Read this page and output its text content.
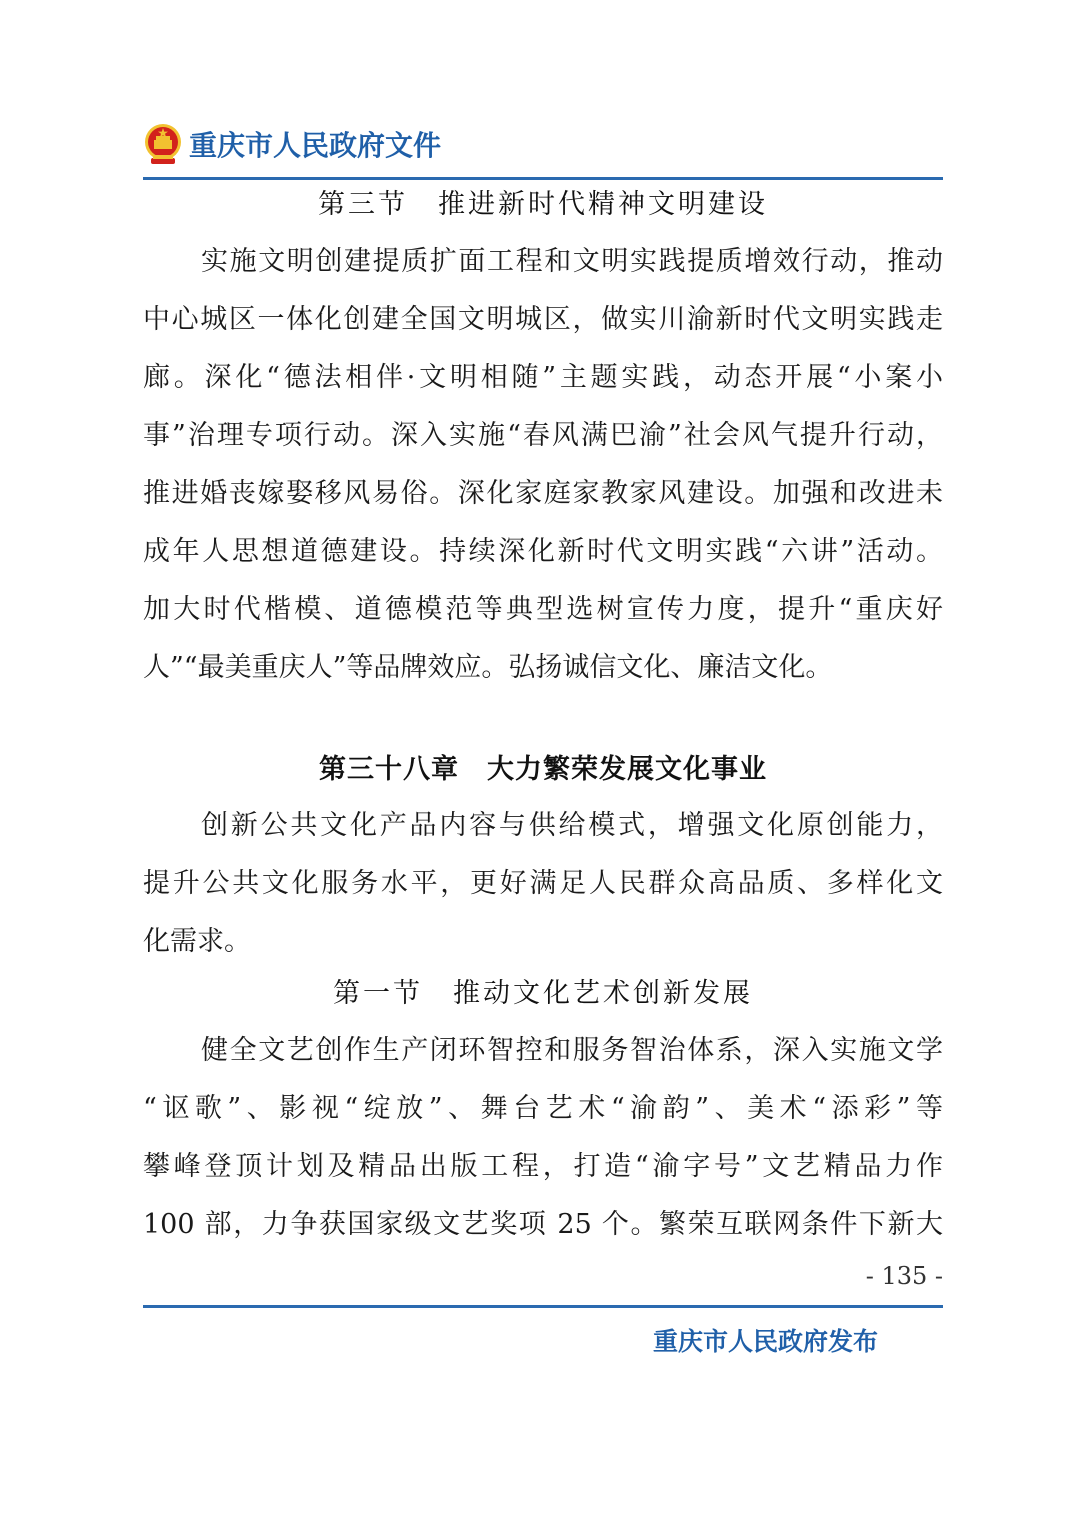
重庆市人民政府文件
第三节　推进新时代精神文明建设
实施文明创建提质扩面工程和文明实践提质增效行动，推动
中心城区一体化创建全国文明城区，做实川渝新时代文明实践走
廊。深化“德法相伴·文明相随”主题实践，动态开展“小案小
事”治理专项行动。深入实施“春风满巴渝”社会风气提升行动，
推进婚丧嫁娶移风易俗。深化家庭家教家风建设。加强和改进未
成年人思想道德建设。持续深化新时代文明实践“六讲”活动。
加大时代楷模、道德模范等典型选树宣传力度，提升“重庆好
人”“最美重庆人”等品牌效应。弘扬诚信文化、廉洁文化。
第三十八章　大力繁荣发展文化事业
创新公共文化产品内容与供给模式，增强文化原创能力，
提升公共文化服务水平，更好满足人民群众高品质、多样化文
化需求。
第一节　推动文化艺术创新发展
健全文艺创作生产闭环智控和服务智治体系，深入实施文学
“讴歌”、影视“绽放”、舞台艺术“渝韵”、美术“添彩”等
攀峰登顶计划及精品出版工程，打造“渝字号”文艺精品力作
100 部，力争获国家级文艺奖项 25 个。繁荣互联网条件下新大
- 135 -
重庆市人民政府发布
